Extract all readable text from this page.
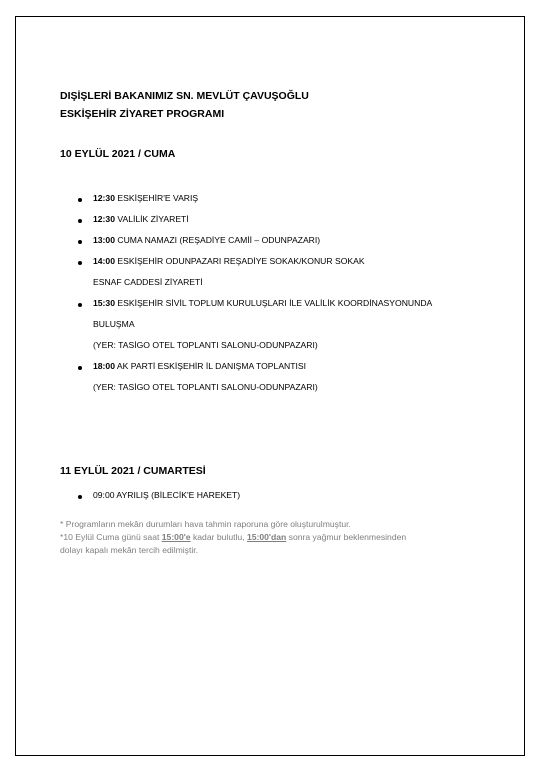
DIŞİŞLERİ BAKANIMIZ SN. MEVLÜT ÇAVUŞOĞLU
ESKİŞEHİR ZİYARET PROGRAMI
10 EYLÜL 2021 / CUMA
12:30 ESKİŞEHİR'E VARIŞ
12:30 VALİLİK ZİYARETİ
13:00 CUMA NAMAZI (REŞADİYE CAMİİ – ODUNPAZARI)
14:00 ESKİŞEHİR ODUNPAZARI REŞADİYE SOKAK/KONUR SOKAK
ESNAF CADDESİ ZİYARETİ
15:30 ESKİŞEHİR SİVİL TOPLUM KURULUŞLARI İLE VALİLİK KOORDİNASYONUNDA
BULUŞMA
(YER: TASİGO OTEL TOPLANTI SALONU-ODUNPAZARI)
18:00 AK PARTİ ESKİŞEHİR İL DANIŞMA TOPLANTISI
(YER: TASİGO OTEL TOPLANTI SALONU-ODUNPAZARI)
11 EYLÜL 2021 / CUMARTESİ
09:00 AYRILIŞ (BİLECİK'E HAREKET)
* Programların mekân durumları hava tahmin raporuna göre oluşturulmuştur.
*10 Eylül Cuma günü saat 15:00'e kadar bulutlu, 15:00'dan sonra yağmur beklenmesinden
dolayı kapalı mekân tercih edilmiştir.
